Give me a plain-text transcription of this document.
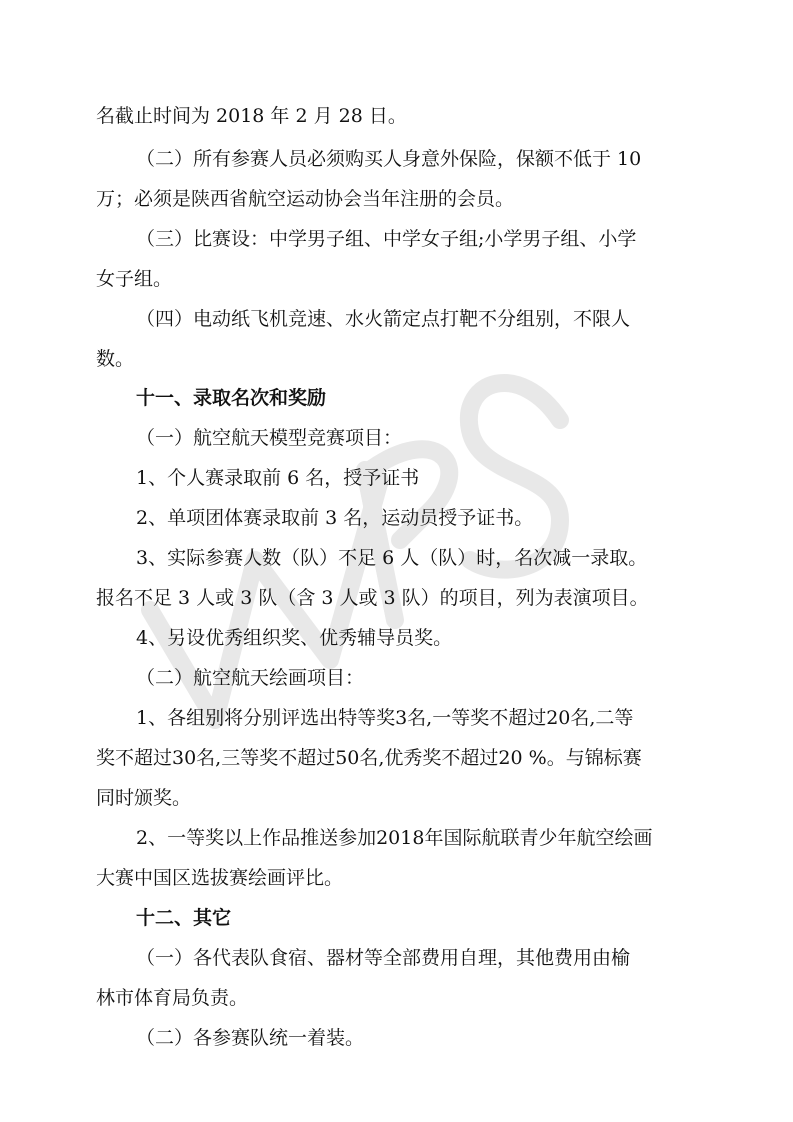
名截止时间为 2018 年 2 月 28 日。
（二）所有参赛人员必须购买人身意外保险，保额不低于 10
万；必须是陕西省航空运动协会当年注册的会员。
（三）比赛设：中学男子组、中学女子组;小学男子组、小学
女子组。
（四）电动纸飞机竞速、水火箭定点打靶不分组别，不限人
数。
十一、录取名次和奖励
（一）航空航天模型竞赛项目：
1、个人赛录取前 6 名，授予证书
2、单项团体赛录取前 3 名，运动员授予证书。
3、实际参赛人数（队）不足 6 人（队）时，名次减一录取。
报名不足 3 人或 3 队（含 3 人或 3 队）的项目，列为表演项目。
4、另设优秀组织奖、优秀辅导员奖。
（二）航空航天绘画项目：
1、各组别将分别评选出特等奖3名,一等奖不超过20名,二等
奖不超过30名,三等奖不超过50名,优秀奖不超过20 %。与锦标赛
同时颁奖。
2、一等奖以上作品推送参加2018年国际航联青少年航空绘画
大赛中国区选拔赛绘画评比。
十二、其它
（一）各代表队食宿、器材等全部费用自理，其他费用由榆
林市体育局负责。
（二）各参赛队统一着装。
